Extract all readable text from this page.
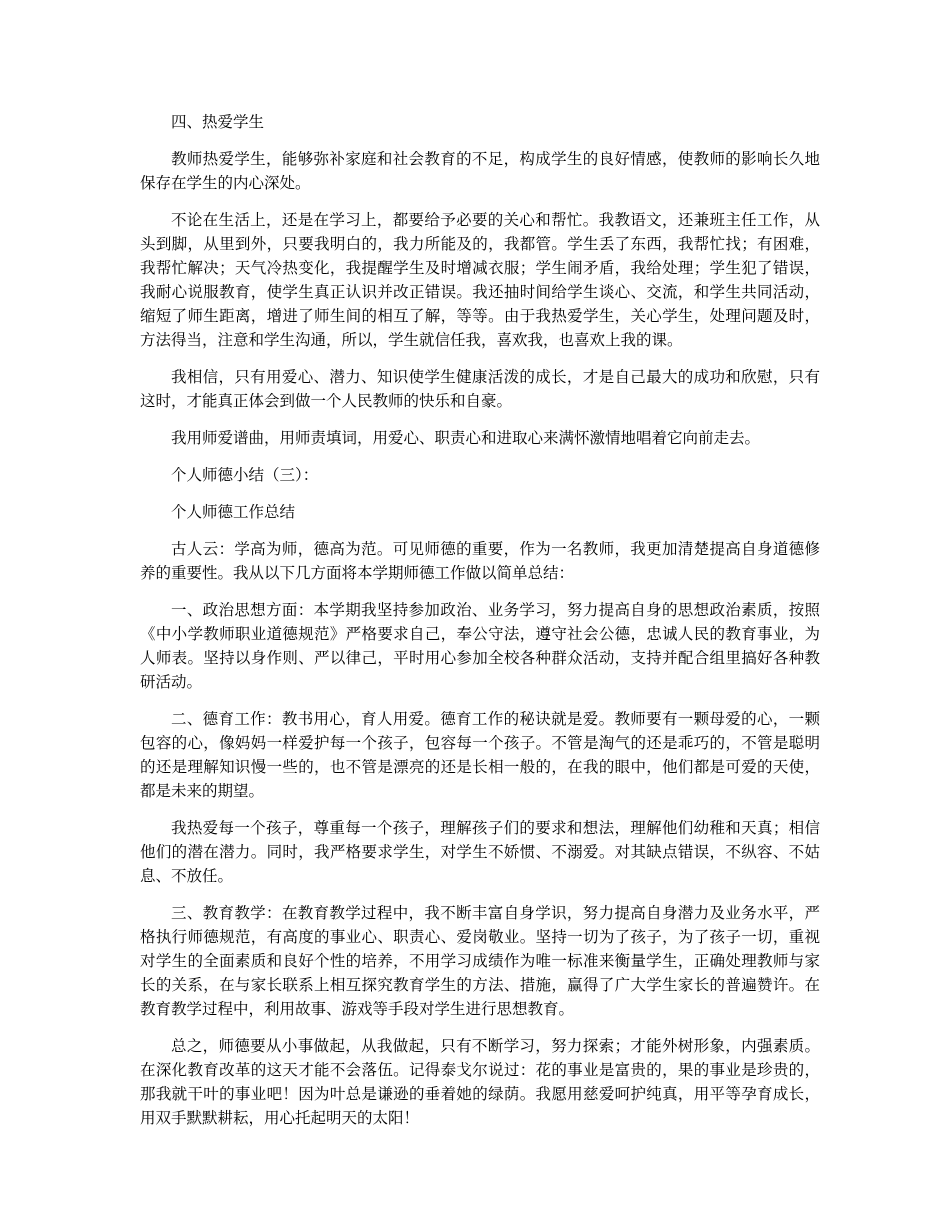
四、热爱学生

教师热爱学生，能够弥补家庭和社会教育的不足，构成学生的良好情感，使教师的影响长久地保存在学生的内心深处。

不论在生活上，还是在学习上，都要给予必要的关心和帮忙。我教语文，还兼班主任工作，从头到脚，从里到外，只要我明白的，我力所能及的，我都管。学生丢了东西，我帮忙找；有困难，我帮忙解决；天气冷热变化，我提醒学生及时增减衣服；学生闹矛盾，我给处理；学生犯了错误，我耐心说服教育，使学生真正认识并改正错误。我还抽时间给学生谈心、交流，和学生共同活动，缩短了师生距离，增进了师生间的相互了解，等等。由于我热爱学生，关心学生，处理问题及时，方法得当，注意和学生沟通，所以，学生就信任我，喜欢我，也喜欢上我的课。

我相信，只有用爱心、潜力、知识使学生健康活泼的成长，才是自己最大的成功和欣慰，只有这时，才能真正体会到做一个人民教师的快乐和自豪。

我用师爱谱曲，用师责填词，用爱心、职责心和进取心来满怀激情地唱着它向前走去。

个人师德小结（三）：

个人师德工作总结

古人云：学高为师，德高为范。可见师德的重要，作为一名教师，我更加清楚提高自身道德修养的重要性。我从以下几方面将本学期师德工作做以简单总结：

一、政治思想方面：本学期我坚持参加政治、业务学习，努力提高自身的思想政治素质，按照《中小学教师职业道德规范》严格要求自己，奉公守法，遵守社会公德，忠诚人民的教育事业，为人师表。坚持以身作则、严以律己，平时用心参加全校各种群众活动，支持并配合组里搞好各种教研活动。

二、德育工作：教书用心，育人用爱。德育工作的秘诀就是爱。教师要有一颗母爱的心，一颗包容的心，像妈妈一样爱护每一个孩子，包容每一个孩子。不管是淘气的还是乖巧的，不管是聪明的还是理解知识慢一些的，也不管是漂亮的还是长相一般的，在我的眼中，他们都是可爱的天使，都是未来的期望。

我热爱每一个孩子，尊重每一个孩子，理解孩子们的要求和想法，理解他们幼稚和天真；相信他们的潜在潜力。同时，我严格要求学生，对学生不娇惯、不溺爱。对其缺点错误，不纵容、不姑息、不放任。

三、教育教学：在教育教学过程中，我不断丰富自身学识，努力提高自身潜力及业务水平，严格执行师德规范，有高度的事业心、职责心、爱岗敬业。坚持一切为了孩子，为了孩子一切，重视对学生的全面素质和良好个性的培养，不用学习成绩作为唯一标准来衡量学生，正确处理教师与家长的关系，在与家长联系上相互探究教育学生的方法、措施，赢得了广大学生家长的普遍赞许。在教育教学过程中，利用故事、游戏等手段对学生进行思想教育。

总之，师德要从小事做起，从我做起，只有不断学习，努力探索；才能外树形象，内强素质。在深化教育改革的这天才能不会落伍。记得泰戈尔说过：花的事业是富贵的，果的事业是珍贵的，那我就干叶的事业吧！因为叶总是谦逊的垂着她的绿荫。我愿用慈爱呵护纯真，用平等孕育成长，用双手默默耕耘，用心托起明天的太阳！
